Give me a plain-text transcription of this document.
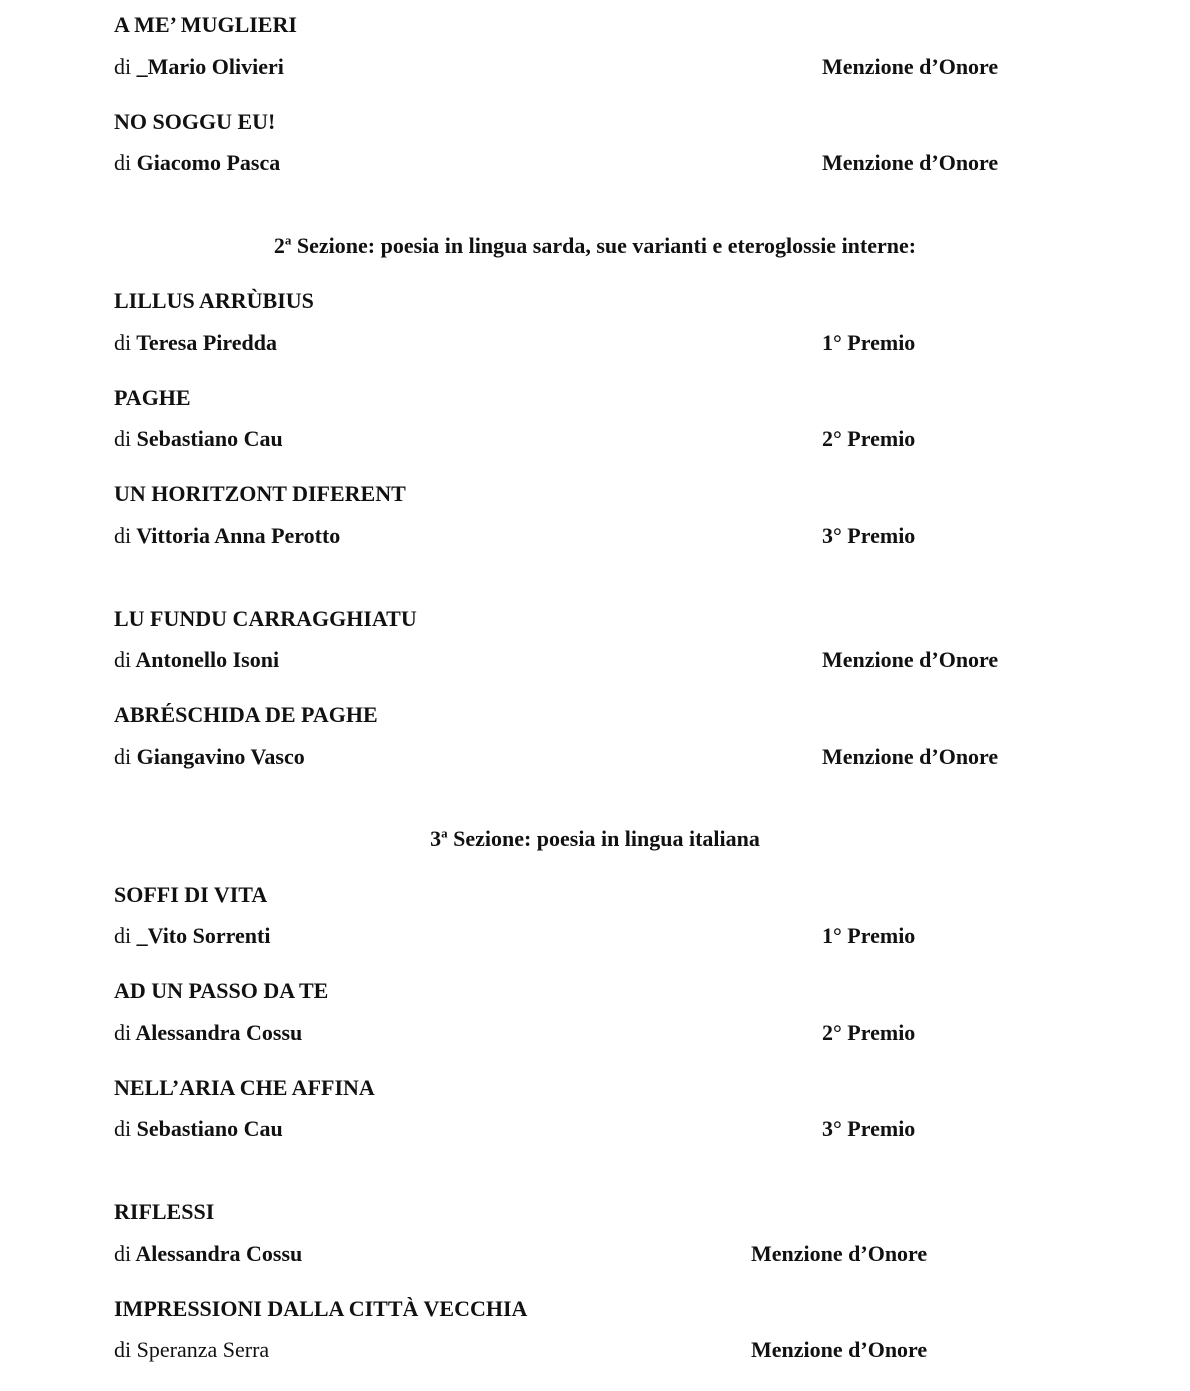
A ME’ MUGLIERI
di _Mario Olivieri	Menzione d’Onore
NO SOGGU EU!
di Giacomo Pasca	Menzione d’Onore
2$^a$ Sezione: poesia in lingua sarda, sue varianti e eteroglossie interne:
LILLUS ARRÙBIUS
di Teresa Piredda	1° Premio
PAGHE
di Sebastiano Cau	2° Premio
UN HORITZONT DIFERENT
di Vittoria Anna Perotto	3° Premio
LU FUNDU CARRAGGHIATU
di Antonello Isoni	Menzione d’Onore
ABRÉSCHIDA DE PAGHE
di Giangavino Vasco	Menzione d’Onore
3$^a$ Sezione: poesia in lingua italiana
SOFFI DI VITA
di _Vito Sorrenti	1° Premio
AD UN PASSO DA TE
di Alessandra Cossu	2° Premio
NELL’ARIA CHE AFFINA
di Sebastiano Cau	3° Premio
RIFLESSI
di Alessandra Cossu	Menzione d’Onore
IMPRESSIONI DALLA CITTÀ VECCHIA
di Speranza Serra	Menzione d’Onore
